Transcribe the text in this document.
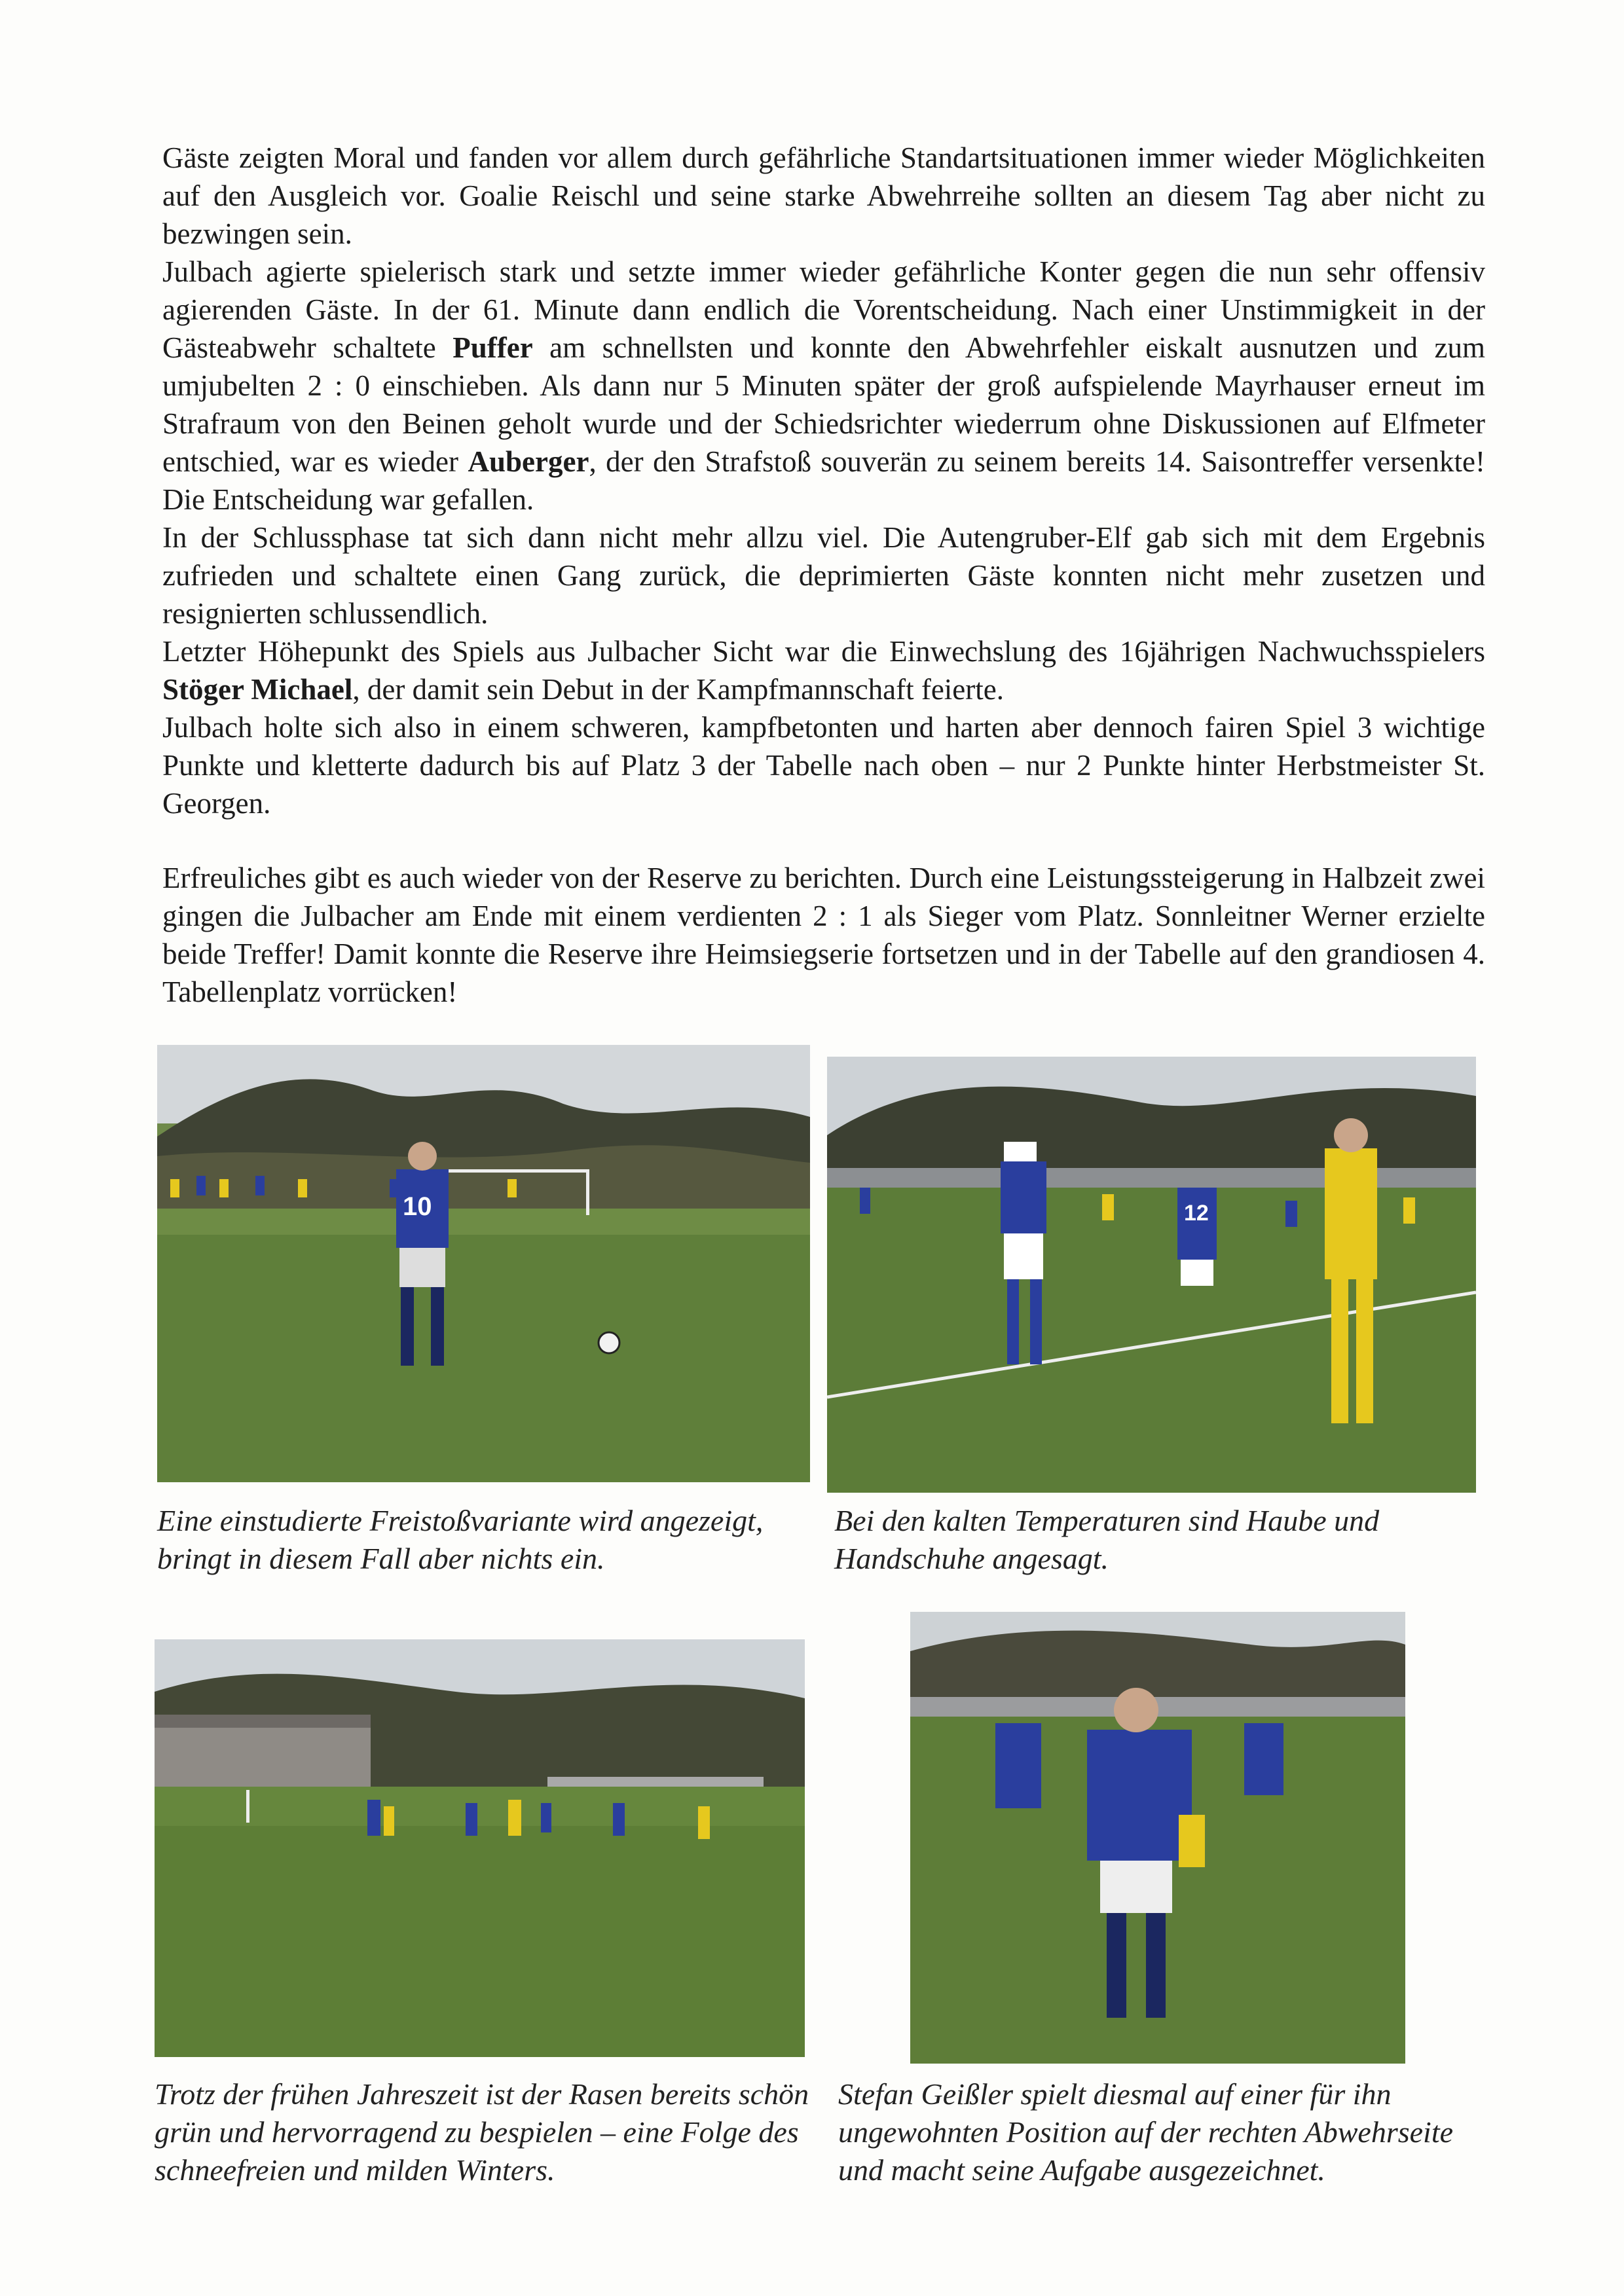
Gäste zeigten Moral und fanden vor allem durch gefährliche Standartsituationen immer wieder Möglichkeiten auf den Ausgleich vor. Goalie Reischl und seine starke Abwehrreihe sollten an diesem Tag aber nicht zu bezwingen sein.

Julbach agierte spielerisch stark und setzte immer wieder gefährliche Konter gegen die nun sehr offensiv agierenden Gäste. In der 61. Minute dann endlich die Vorentscheidung. Nach einer Unstimmigkeit in der Gästeabwehr schaltete Puffer am schnellsten und konnte den Abwehrfehler eiskalt ausnutzen und zum umjubelten 2 : 0 einschieben. Als dann nur 5 Minuten später der groß aufspielende Mayrhauser erneut im Strafraum von den Beinen geholt wurde und der Schiedsrichter wiederrum ohne Diskussionen auf Elfmeter entschied, war es wieder Auberger, der den Strafstoß souverän zu seinem bereits 14. Saisontreffer versenkte! Die Entscheidung war gefallen.

In der Schlussphase tat sich dann nicht mehr allzu viel. Die Autengruber-Elf gab sich mit dem Ergebnis zufrieden und schaltete einen Gang zurück, die deprimierten Gäste konnten nicht mehr zusetzen und resignierten schlussendlich.

Letzter Höhepunkt des Spiels aus Julbacher Sicht war die Einwechslung des 16jährigen Nachwuchsspielers Stöger Michael, der damit sein Debut in der Kampfmannschaft feierte.

Julbach holte sich also in einem schweren, kampfbetonten und harten aber dennoch fairen Spiel 3 wichtige Punkte und kletterte dadurch bis auf Platz 3 der Tabelle nach oben – nur 2 Punkte hinter Herbstmeister St. Georgen.

Erfreuliches gibt es auch wieder von der Reserve zu berichten. Durch eine Leistungssteigerung in Halbzeit zwei gingen die Julbacher am Ende mit einem verdienten 2 : 1 als Sieger vom Platz. Sonnleitner Werner erzielte beide Treffer! Damit konnte die Reserve ihre Heimsiegserie fortsetzen und in der Tabelle auf den grandiosen 4. Tabellenplatz vorrücken!

10	12
Eine einstudierte Freistoßvariante wird angezeigt, bringt in diesem Fall aber nichts ein.
Bei den kalten Temperaturen sind Haube und Handschuhe angesagt.
Trotz der frühen Jahreszeit ist der Rasen bereits schön grün und hervorragend zu bespielen – eine Folge des schneefreien und milden Winters.
Stefan Geißler spielt diesmal auf einer für ihn ungewohnten Position auf der rechten Abwehrseite und macht seine Aufgabe ausgezeichnet.
